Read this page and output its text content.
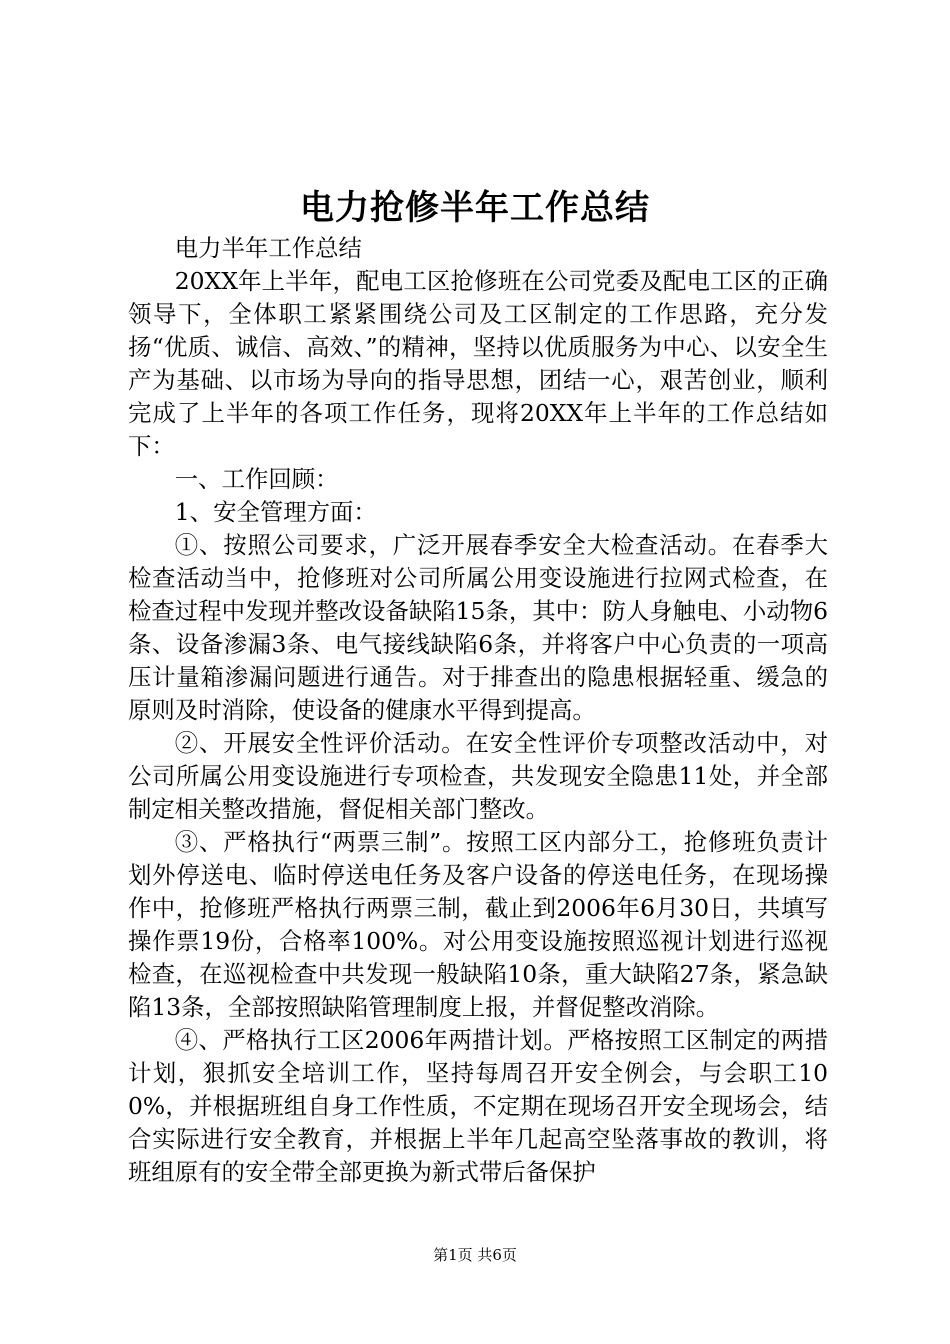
电力抢修半年工作总结

电力半年工作总结

20XX年上半年，配电工区抢修班在公司党委及配电工区的正确领导下，全体职工紧紧围绕公司及工区制定的工作思路，充分发扬“优质、诚信、高效、”的精神，坚持以优质服务为中心、以安全生产为基础、以市场为导向的指导思想，团结一心，艰苦创业，顺利完成了上半年的各项工作任务，现将20XX年上半年的工作总结如下：

一、工作回顾：

1、安全管理方面：

①、按照公司要求，广泛开展春季安全大检查活动。在春季大检查活动当中，抢修班对公司所属公用变设施进行拉网式检查，在检查过程中发现并整改设备缺陷15条，其中：防人身触电、小动物6条、设备渗漏3条、电气接线缺陷6条，并将客户中心负责的一项高压计量箱渗漏问题进行通告。对于排查出的隐患根据轻重、缓急的原则及时消除，使设备的健康水平得到提高。

②、开展安全性评价活动。在安全性评价专项整改活动中，对公司所属公用变设施进行专项检查，共发现安全隐患11处，并全部制定相关整改措施，督促相关部门整改。

③、严格执行“两票三制”。按照工区内部分工，抢修班负责计划外停送电、临时停送电任务及客户设备的停送电任务，在现场操作中，抢修班严格执行两票三制，截止到2006年6月30日，共填写操作票19份，合格率100%。对公用变设施按照巡视计划进行巡视检查，在巡视检查中共发现一般缺陷10条，重大缺陷27条，紧急缺陷13条，全部按照缺陷管理制度上报，并督促整改消除。

④、严格执行工区2006年两措计划。严格按照工区制定的两措计划，狠抓安全培训工作，坚持每周召开安全例会，与会职工100%，并根据班组自身工作性质，不定期在现场召开安全现场会，结合实际进行安全教育，并根据上半年几起高空坠落事故的教训，将班组原有的安全带全部更换为新式带后备保护

第1页 共6页
